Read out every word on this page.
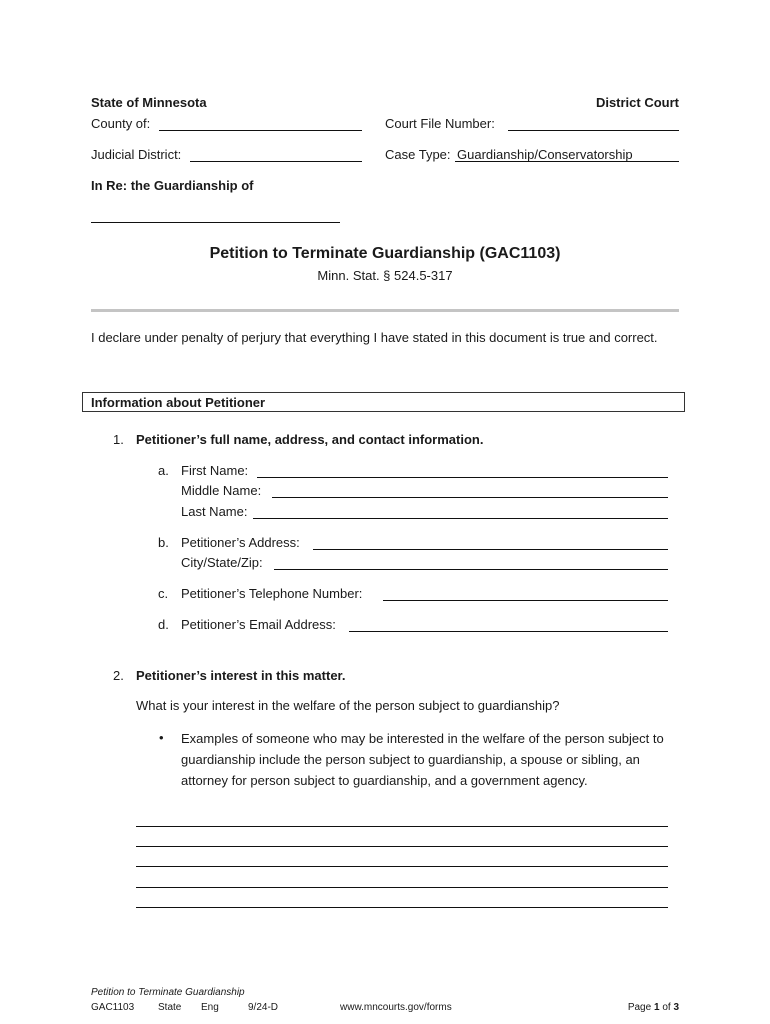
State of Minnesota	District Court
County of:	Court File Number:
Judicial District:	Case Type: Guardianship/Conservatorship
In Re: the Guardianship of
Petition to Terminate Guardianship (GAC1103)
Minn. Stat. § 524.5-317
I declare under penalty of perjury that everything I have stated in this document is true and correct.
Information about Petitioner
1. Petitioner’s full name, address, and contact information.
a. First Name:
Middle Name:
Last Name:
b. Petitioner’s Address:
City/State/Zip:
c. Petitioner’s Telephone Number:
d. Petitioner’s Email Address:
2. Petitioner’s interest in this matter.
What is your interest in the welfare of the person subject to guardianship?
• Examples of someone who may be interested in the welfare of the person subject to guardianship include the person subject to guardianship, a spouse or sibling, an attorney for person subject to guardianship, and a government agency.
Petition to Terminate Guardianship
GAC1103 State Eng	9/24-D	www.mncourts.gov/forms	Page 1 of 3
